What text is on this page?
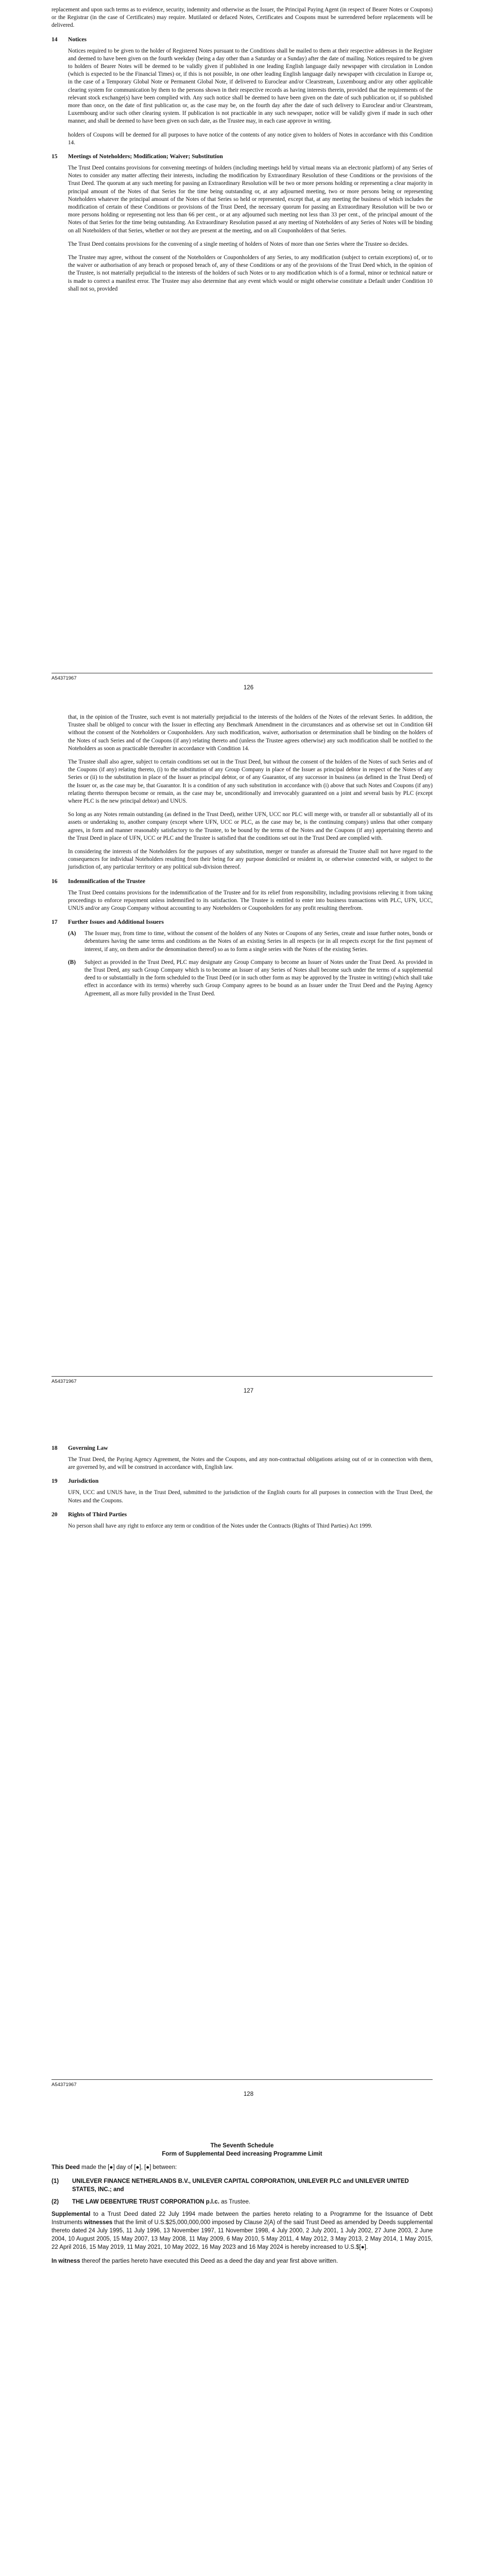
replacement and upon such terms as to evidence, security, indemnity and otherwise as the Issuer, the Principal Paying Agent (in respect of Bearer Notes or Coupons) or the Registrar (in the case of Certificates) may require. Mutilated or defaced Notes, Certificates and Coupons must be surrendered before replacements will be delivered.

14	Notices

Notices required to be given to the holder of Registered Notes pursuant to the Conditions shall be mailed to them at their respective addresses in the Register and deemed to have been given on the fourth weekday (being a day other than a Saturday or a Sunday) after the date of mailing. Notices required to be given to holders of Bearer Notes will be deemed to be validly given if published in one leading English language daily newspaper with circulation in London (which is expected to be the Financial Times) or, if this is not possible, in one other leading English language daily newspaper with circulation in Europe or, in the case of a Temporary Global Note or Permanent Global Note, if delivered to Euroclear and/or Clearstream, Luxembourg and/or any other applicable clearing system for communication by them to the persons shown in their respective records as having interests therein, provided that the requirements of the relevant stock exchange(s) have been complied with. Any such notice shall be deemed to have been given on the date of such publication or, if so published more than once, on the date of first publication or, as the case may be, on the fourth day after the date of such delivery to Euroclear and/or Clearstream, Luxembourg and/or such other clearing system. If publication is not practicable in any such newspaper, notice will be validly given if made in such other manner, and shall be deemed to have been given on such date, as the Trustee may, in each case approve in writing.

holders of Coupons will be deemed for all purposes to have notice of the contents of any notice given to holders of Notes in accordance with this Condition 14.

15	Meetings of Noteholders; Modification; Waiver; Substitution

The Trust Deed contains provisions for convening meetings of holders (including meetings held by virtual means via an electronic platform) of any Series of Notes to consider any matter affecting their interests, including the modification by Extraordinary Resolution of these Conditions or the provisions of the Trust Deed. The quorum at any such meeting for passing an Extraordinary Resolution will be two or more persons holding or representing a clear majority in principal amount of the Notes of that Series for the time being outstanding or, at any adjourned meeting, two or more persons being or representing Noteholders whatever the principal amount of the Notes of that Series so held or represented, except that, at any meeting the business of which includes the modification of certain of these Conditions or provisions of the Trust Deed, the necessary quorum for passing an Extraordinary Resolution will be two or more persons holding or representing not less than 66 per cent., or at any adjourned such meeting not less than 33 per cent., of the principal amount of the Notes of that Series for the time being outstanding. An Extraordinary Resolution passed at any meeting of Noteholders of any Series of Notes will be binding on all Noteholders of that Series, whether or not they are present at the meeting, and on all Couponholders of that Series.

The Trust Deed contains provisions for the convening of a single meeting of holders of Notes of more than one Series where the Trustee so decides.

The Trustee may agree, without the consent of the Noteholders or Couponholders of any Series, to any modification (subject to certain exceptions) of, or to the waiver or authorisation of any breach or proposed breach of, any of these Conditions or any of the provisions of the Trust Deed which, in the opinion of the Trustee, is not materially prejudicial to the interests of the holders of such Notes or to any modification which is of a formal, minor or technical nature or is made to correct a manifest error. The Trustee may also determine that any event which would or might otherwise constitute a Default under Condition 10 shall not so, provided

A54371967
126

that, in the opinion of the Trustee, such event is not materially prejudicial to the interests of the holders of the Notes of the relevant Series. In addition, the Trustee shall be obliged to concur with the Issuer in effecting any Benchmark Amendment in the circumstances and as otherwise set out in Condition 6H without the consent of the Noteholders or Couponholders. Any such modification, waiver, authorisation or determination shall be binding on the holders of the Notes of such Series and of the Coupons (if any) relating thereto and (unless the Trustee agrees otherwise) any such modification shall be notified to the Noteholders as soon as practicable thereafter in accordance with Condition 14.

The Trustee shall also agree, subject to certain conditions set out in the Trust Deed, but without the consent of the holders of the Notes of such Series and of the Coupons (if any) relating thereto, (i) to the substitution of any Group Company in place of the Issuer as principal debtor in respect of the Notes of any Series or (ii) to the substitution in place of the Issuer as principal debtor, or of any Guarantor, of any successor in business (as defined in the Trust Deed) of the Issuer or, as the case may be, that Guarantor. It is a condition of any such substitution in accordance with (i) above that such Notes and Coupons (if any) relating thereto thereupon become or remain, as the case may be, unconditionally and irrevocably guaranteed on a joint and several basis by PLC (except where PLC is the new principal debtor) and UNUS.

So long as any Notes remain outstanding (as defined in the Trust Deed), neither UFN, UCC nor PLC will merge with, or transfer all or substantially all of its assets or undertaking to, another company (except where UFN, UCC or PLC, as the case may be, is the continuing company) unless that other company agrees, in form and manner reasonably satisfactory to the Trustee, to be bound by the terms of the Notes and the Coupons (if any) appertaining thereto and the Trust Deed in place of UFN, UCC or PLC and the Trustee is satisfied that the conditions set out in the Trust Deed are complied with.

In considering the interests of the Noteholders for the purposes of any substitution, merger or transfer as aforesaid the Trustee shall not have regard to the consequences for individual Noteholders resulting from their being for any purpose domiciled or resident in, or otherwise connected with, or subject to the jurisdiction of, any particular territory or any political sub-division thereof.

16	Indemnification of the Trustee

The Trust Deed contains provisions for the indemnification of the Trustee and for its relief from responsibility, including provisions relieving it from taking proceedings to enforce repayment unless indemnified to its satisfaction. The Trustee is entitled to enter into business transactions with PLC, UFN, UCC, UNUS and/or any Group Company without accounting to any Noteholders or Couponholders for any profit resulting therefrom.

17	Further Issues and Additional Issuers
(A)	The Issuer may, from time to time, without the consent of the holders of any Notes or Coupons of any Series, create and issue further notes, bonds or debentures having the same terms and conditions as the Notes of an existing Series in all respects (or in all respects except for the first payment of interest, if any, on them and/or the denomination thereof) so as to form a single series with the Notes of the existing Series.

(B)	Subject as provided in the Trust Deed, PLC may designate any Group Company to become an Issuer of Notes under the Trust Deed. As provided in the Trust Deed, any such Group Company which is to become an Issuer of any Series of Notes shall become such under the terms of a supplemental deed to or substantially in the form scheduled to the Trust Deed (or in such other form as may be approved by the Trustee in writing) (which shall take effect in accordance with its terms) whereby such Group Company agrees to be bound as an Issuer under the Trust Deed and the Paying Agency Agreement, all as more fully provided in the Trust Deed.

A54371967
127
18	Governing Law

The Trust Deed, the Paying Agency Agreement, the Notes and the Coupons, and any non-contractual obligations arising out of or in connection with them, are governed by, and will be construed in accordance with, English law.

19	Jurisdiction

UFN, UCC and UNUS have, in the Trust Deed, submitted to the jurisdiction of the English courts for all purposes in connection with the Trust Deed, the Notes and the Coupons.

20	Rights of Third Parties

No person shall have any right to enforce any term or condition of the Notes under the Contracts (Rights of Third Parties) Act 1999.

A54371967
128

The Seventh Schedule

Form of Supplemental Deed increasing Programme Limit

This Deed made the [●] day of [●], [●] between:

(1)	UNILEVER FINANCE NETHERLANDS B.V., UNILEVER CAPITAL CORPORATION, UNILEVER PLC and UNILEVER UNITED STATES, INC.; and
(2)	THE LAW DEBENTURE TRUST CORPORATION p.l.c. as Trustee.

Supplemental to a Trust Deed dated 22 July 1994 made between the parties hereto relating to a Programme for the Issuance of Debt Instruments witnesses that the limit of U.S.$25,000,000,000 imposed by Clause 2(A) of the said Trust Deed as amended by Deeds supplemental thereto dated 24 July 1995, 11 July 1996, 13 November 1997, 11 November 1998, 4 July 2000, 2 July 2001, 1 July 2002, 27 June 2003, 2 June 2004, 10 August 2005, 15 May 2007, 13 May 2008, 11 May 2009, 6 May 2010, 5 May 2011, 4 May 2012, 3 May 2013, 2 May 2014, 1 May 2015, 22 April 2016, 15 May 2019, 11 May 2021, 10 May 2022, 16 May 2023 and 16 May 2024 is hereby increased to U.S.$[●].

In witness thereof the parties hereto have executed this Deed as a deed the day and year first above written.
